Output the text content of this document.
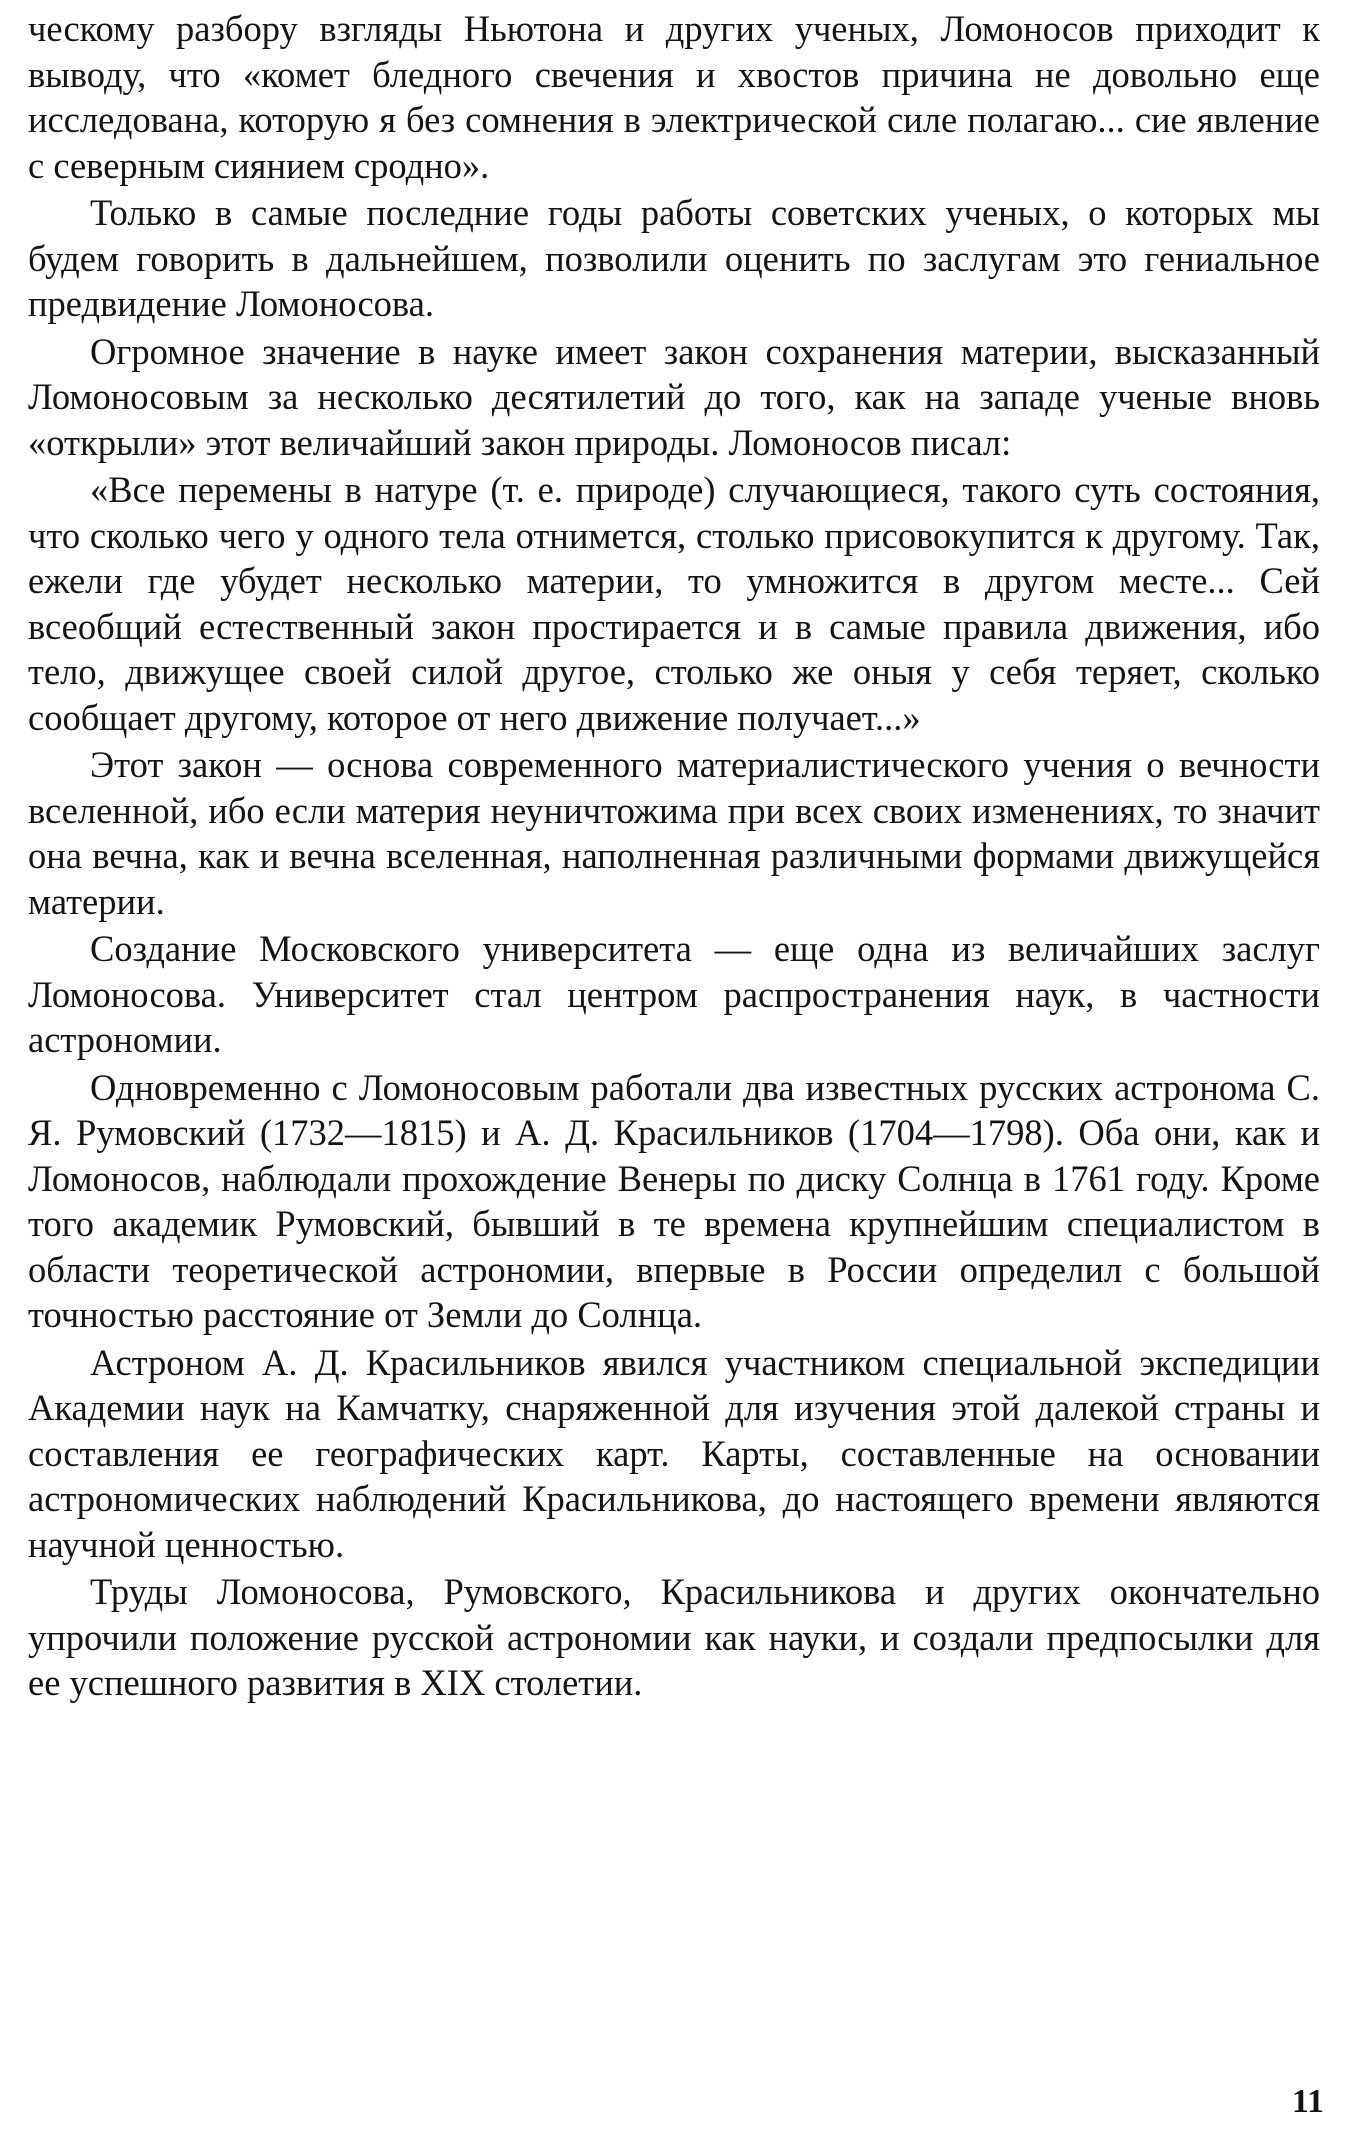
ческому разбору взгляды Ньютона и других ученых, Ломоносов приходит к выводу, что «комет бледного свечения и хвостов причина не довольно еще исследована, которую я без сомнения в электрической силе полагаю... сие явление с северным сиянием сродно».

Только в самые последние годы работы советских ученых, о которых мы будем говорить в дальнейшем, позволили оценить по заслугам это гениальное предвидение Ломоносова.

Огромное значение в науке имеет закон сохранения материи, высказанный Ломоносовым за несколько десятилетий до того, как на западе ученые вновь «открыли» этот величайший закон природы. Ломоносов писал:

«Все перемены в натуре (т. е. природе) случающиеся, такого суть состояния, что сколько чего у одного тела отнимется, столько присовокупится к другому. Так, ежели где убудет несколько материи, то умножится в другом месте... Сей всеобщий естественный закон простирается и в самые правила движения, ибо тело, движущее своей силой другое, столько же оныя у себя теряет, сколько сообщает другому, которое от него движение получает...»

Этот закон — основа современного материалистического учения о вечности вселенной, ибо если материя неуничтожима при всех своих изменениях, то значит она вечна, как и вечна вселенная, наполненная различными формами движущейся материи.

Создание Московского университета — еще одна из величайших заслуг Ломоносова. Университет стал центром распространения наук, в частности астрономии.

Одновременно с Ломоносовым работали два известных русских астронома С. Я. Румовский (1732—1815) и А. Д. Красильников (1704—1798). Оба они, как и Ломоносов, наблюдали прохождение Венеры по диску Солнца в 1761 году. Кроме того академик Румовский, бывший в те времена крупнейшим специалистом в области теоретической астрономии, впервые в России определил с большой точностью расстояние от Земли до Солнца.

Астроном А. Д. Красильников явился участником специальной экспедиции Академии наук на Камчатку, снаряженной для изучения этой далекой страны и составления ее географических карт. Карты, составленные на основании астрономических наблюдений Красильникова, до настоящего времени являются научной ценностью.

Труды Ломоносова, Румовского, Красильникова и других окончательно упрочили положение русской астрономии как науки, и создали предпосылки для ее успешного развития в XIX столетии.

11
